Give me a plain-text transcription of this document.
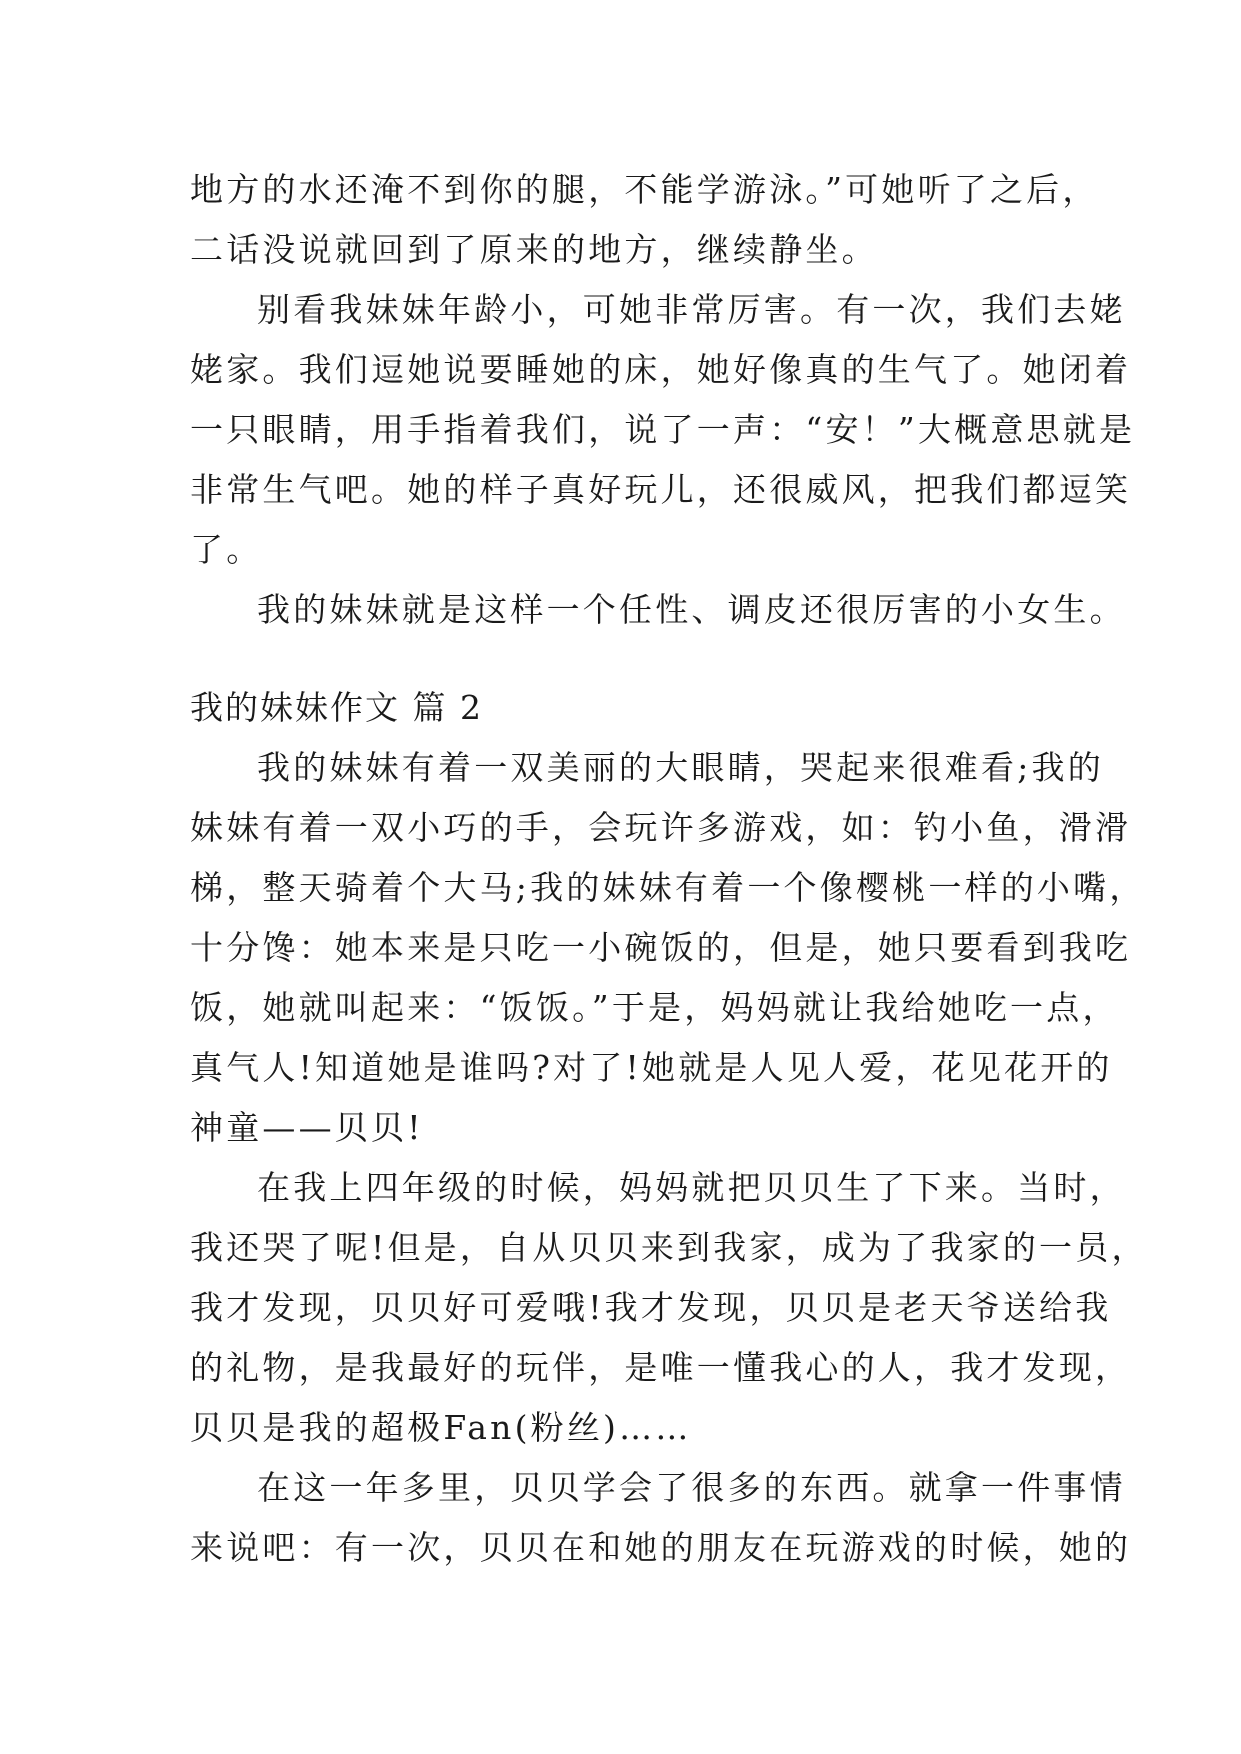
地方的水还淹不到你的腿，不能学游泳。”可她听了之后，
二话没说就回到了原来的地方，继续静坐。
别看我妹妹年龄小，可她非常厉害。有一次，我们去姥
姥家。我们逗她说要睡她的床，她好像真的生气了。她闭着
一只眼睛，用手指着我们，说了一声：“安！”大概意思就是
非常生气吧。她的样子真好玩儿，还很威风，把我们都逗笑
了。
我的妹妹就是这样一个任性、调皮还很厉害的小女生。
我的妹妹作文 篇 2
我的妹妹有着一双美丽的大眼睛，哭起来很难看;我的
妹妹有着一双小巧的手，会玩许多游戏，如：钓小鱼，滑滑
梯，整天骑着个大马;我的妹妹有着一个像樱桃一样的小嘴，
十分馋：她本来是只吃一小碗饭的，但是，她只要看到我吃
饭，她就叫起来：“饭饭。”于是，妈妈就让我给她吃一点，
真气人!知道她是谁吗?对了!她就是人见人爱，花见花开的
神童——贝贝!
在我上四年级的时候，妈妈就把贝贝生了下来。当时，
我还哭了呢!但是，自从贝贝来到我家，成为了我家的一员，
我才发现，贝贝好可爱哦!我才发现，贝贝是老天爷送给我
的礼物，是我最好的玩伴，是唯一懂我心的人，我才发现，
贝贝是我的超极Fan(粉丝)……
在这一年多里，贝贝学会了很多的东西。就拿一件事情
来说吧：有一次，贝贝在和她的朋友在玩游戏的时候，她的
